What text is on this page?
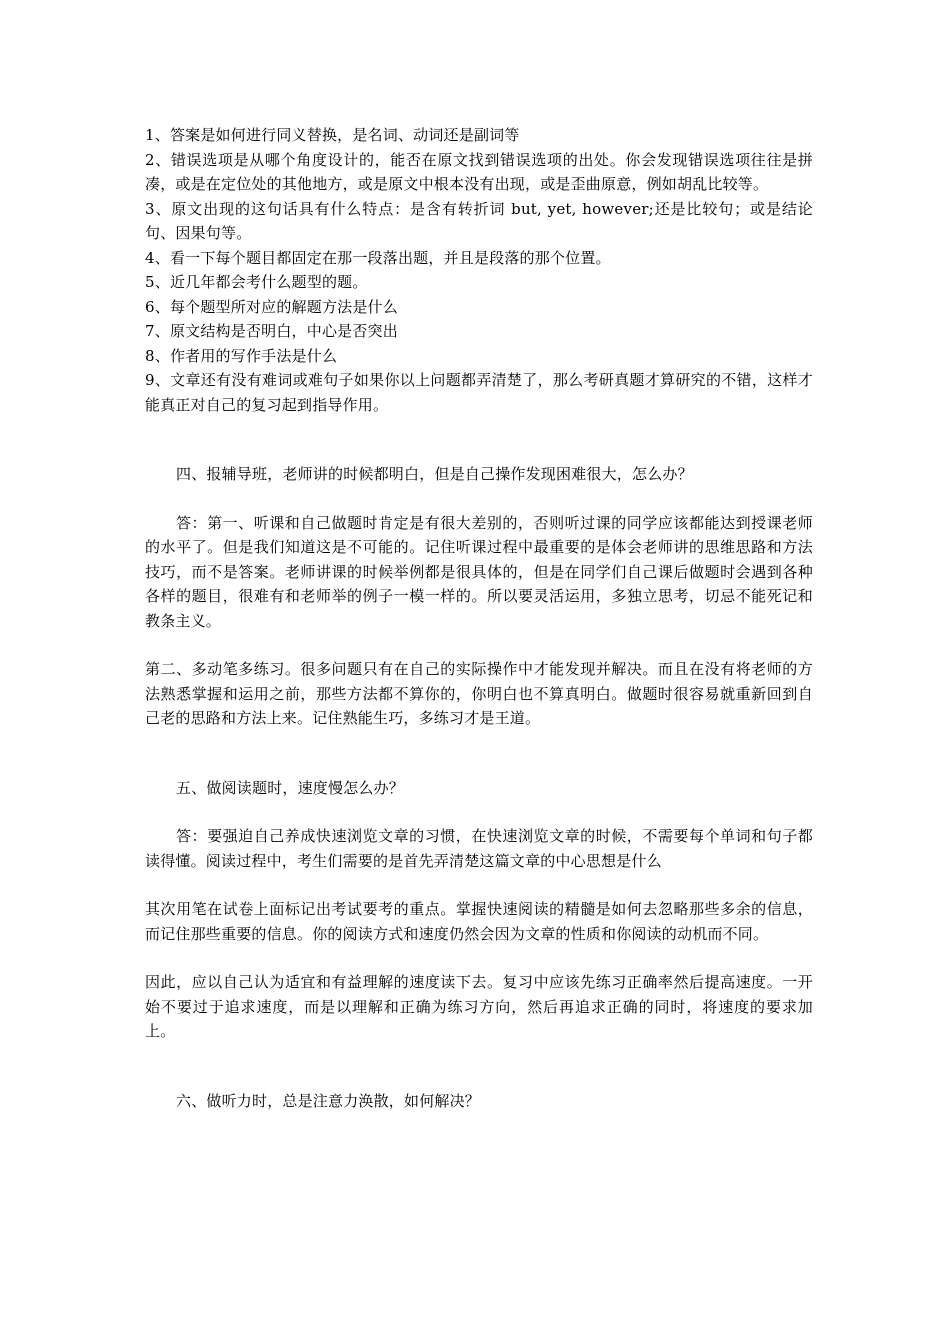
1、答案是如何进行同义替换，是名词、动词还是副词等

2、错误选项是从哪个角度设计的，能否在原文找到错误选项的出处。你会发现错误选项往往是拼凑，或是在定位处的其他地方，或是原文中根本没有出现，或是歪曲原意，例如胡乱比较等。

3、原文出现的这句话具有什么特点：是含有转折词 but, yet, however;还是比较句；或是结论句、因果句等。

4、看一下每个题目都固定在那一段落出题，并且是段落的那个位置。

5、近几年都会考什么题型的题。

6、每个题型所对应的解题方法是什么

7、原文结构是否明白，中心是否突出

8、作者用的写作手法是什么

9、文章还有没有难词或难句子如果你以上问题都弄清楚了，那么考研真题才算研究的不错，这样才能真正对自己的复习起到指导作用。

四、报辅导班，老师讲的时候都明白，但是自己操作发现困难很大，怎么办？

答：第一、听课和自己做题时肯定是有很大差别的，否则听过课的同学应该都能达到授课老师的水平了。但是我们知道这是不可能的。记住听课过程中最重要的是体会老师讲的思维思路和方法技巧，而不是答案。老师讲课的时候举例都是很具体的，但是在同学们自己课后做题时会遇到各种各样的题目，很难有和老师举的例子一模一样的。所以要灵活运用，多独立思考，切忌不能死记和教条主义。

第二、多动笔多练习。很多问题只有在自己的实际操作中才能发现并解决。而且在没有将老师的方法熟悉掌握和运用之前，那些方法都不算你的，你明白也不算真明白。做题时很容易就重新回到自己老的思路和方法上来。记住熟能生巧，多练习才是王道。

五、做阅读题时，速度慢怎么办？

答：要强迫自己养成快速浏览文章的习惯，在快速浏览文章的时候，不需要每个单词和句子都读得懂。阅读过程中，考生们需要的是首先弄清楚这篇文章的中心思想是什么

其次用笔在试卷上面标记出考试要考的重点。掌握快速阅读的精髓是如何去忽略那些多余的信息，而记住那些重要的信息。你的阅读方式和速度仍然会因为文章的性质和你阅读的动机而不同。

因此，应以自己认为适宜和有益理解的速度读下去。复习中应该先练习正确率然后提高速度。一开始不要过于追求速度，而是以理解和正确为练习方向，然后再追求正确的同时，将速度的要求加上。

六、做听力时，总是注意力涣散，如何解决？
